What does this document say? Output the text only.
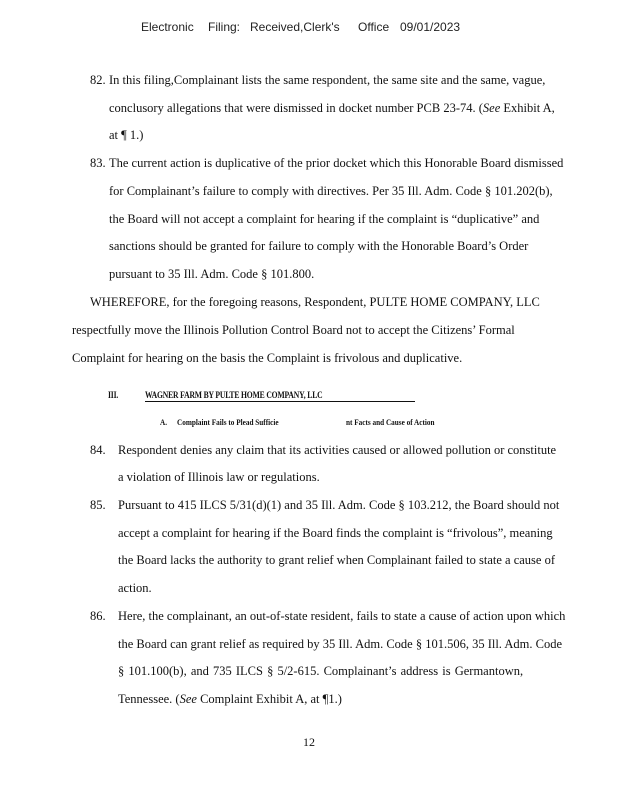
Electronic Filing: Received,Clerk's Office 09/01/2023
82. In this filing,Complainant lists the same respondent, the same site and the same, vague,
conclusory allegations that were dismissed in docket number PCB 23-74. (See Exhibit A,
at ¶ 1.)
83. The current action is duplicative of the prior docket which this Honorable Board dismissed
for Complainant’s failure to comply with directives. Per 35 Ill. Adm. Code § 101.202(b),
the Board will not accept a complaint for hearing if the complaint is “duplicative” and
sanctions should be granted for failure to comply with the Honorable Board’s Order
pursuant to 35 Ill. Adm. Code § 101.800.
WHEREFORE, for the foregoing reasons, Respondent, PULTE HOME COMPANY, LLC
respectfully move the Illinois Pollution Control Board not to accept the Citizens’ Formal
Complaint for hearing on the basis the Complaint is frivolous and duplicative.
III.	WAGNER FARM BY PULTE HOME COMPANY, LLC
A. Complaint Fails to Plead Sufficie	nt Facts and Cause of Action
84. Respondent denies any claim that its activities caused or allowed pollution or constitute
a violation of Illinois law or regulations.
85. Pursuant to 415 ILCS 5/31(d)(1) and 35 Ill. Adm. Code § 103.212, the Board should not
accept a complaint for hearing if the Board finds the complaint is “frivolous”, meaning
the Board lacks the authority to grant relief when Complainant failed to state a cause of
action.
86. Here, the complainant, an out-of-state resident, fails to state a cause of action upon which
the Board can grant relief as required by 35 Ill. Adm. Code § 101.506, 35 Ill. Adm. Code
§ 101.100(b), and 735 ILCS § 5/2-615. Complainant’s address is Germantown,
Tennessee. (See Complaint Exhibit A, at ¶1.)
12
